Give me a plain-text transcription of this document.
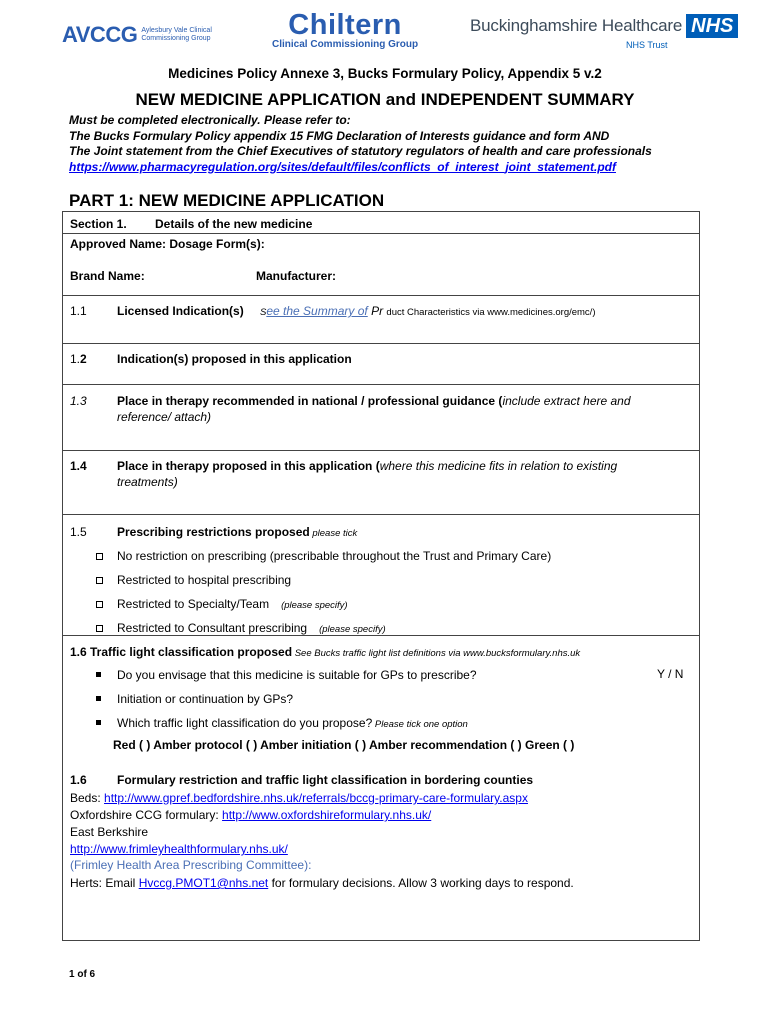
AVCCG Aylesbury Vale Clinical Commissioning Group	Chiltern
Clinical Commissioning Group
Buckinghamshire Healthcare NHS
NHS Trust
Medicines Policy Annexe 3, Bucks Formulary Policy, Appendix 5 v.2
NEW MEDICINE APPLICATION and INDEPENDENT SUMMARY
Must be completed electronically. Please refer to:
The Bucks Formulary Policy appendix 15 FMG Declaration of Interests guidance and form AND
The Joint statement from the Chief Executives of statutory regulators of health and care professionals
https://www.pharmacyregulation.org/sites/default/files/conflicts_of_interest_joint_statement.pdf
PART 1: NEW MEDICINE APPLICATION
Section 1. Details of the new medicine
Approved Name: Dosage Form(s):
Brand Name:	Manufacturer:
1.1	Licensed Indication(s) See the Summary of Pr duct Characteristics via www.medicines.org/emc/)
1.2	Indication(s) proposed in this application
1.3	Place in therapy recommended in national / professional guidance (include extract here and
reference/ attach)
1.4	Place in therapy proposed in this application (where this medicine fits in relation to existing
treatments)
1.5	Prescribing restrictions proposed please tick
No restriction on prescribing (prescribable throughout the Trust and Primary Care)
Restricted to hospital prescribing
Restricted to Specialty/Team (please specify)
Restricted to Consultant prescribing (please specify)
1.6 Traffic light classification proposed See Bucks traffic light list definitions via www.bucksformulary.nhs.uk
Do you envisage that this medicine is suitable for GPs to prescribe?	Y / N
Initiation or continuation by GPs?
Which traffic light classification do you propose? Please tick one option
Red ( ) Amber protocol ( ) Amber initiation ( ) Amber recommendation ( ) Green ( )
1.6	Formulary restriction and traffic light classification in bordering counties
Beds: http://www.gpref.bedfordshire.nhs.uk/referrals/bccg-primary-care-formulary.aspx
Oxfordshire CCG formulary: http://www.oxfordshireformulary.nhs.uk/
East Berkshire
http://www.frimleyhealthformulary.nhs.uk/
(Frimley Health Area Prescribing Committee):
Herts: Email Hvccg.PMOT1@nhs.net for formulary decisions. Allow 3 working days to respond.
1 of 6
